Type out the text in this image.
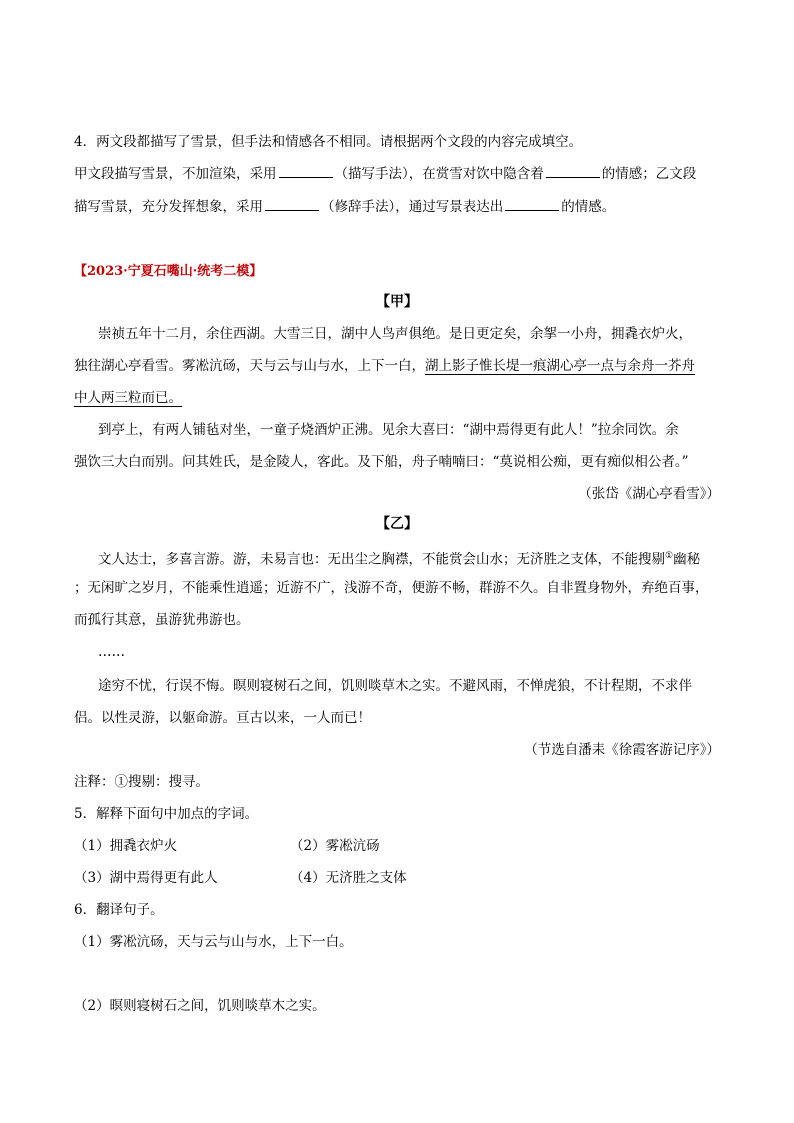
4．两文段都描写了雪景，但手法和情感各不相同。请根据两个文段的内容完成填空。
甲文段描写雪景，不加渲染，采用	（描写手法），在赏雪对饮中隐含着	的情感；乙文段
描写雪景，充分发挥想象，采用	（修辞手法），通过写景表达出	的情感。
【2023·宁夏石嘴山·统考二模】
【甲】
崇祯五年十二月，余住西湖。大雪三日，湖中人鸟声俱绝。是日更定矣，余挐一小舟，拥毳衣炉火，
独往湖心亭看雪。雾凇沆砀，天与云与山与水，上下一白，湖上影子惟长堤一痕湖心亭一点与余舟一芥舟
中人两三粒而已。
到亭上，有两人铺毡对坐，一童子烧酒炉正沸。见余大喜曰：“湖中焉得更有此人！”拉余同饮。余
强饮三大白而别。问其姓氏，是金陵人，客此。及下船，舟子喃喃曰：“莫说相公痴，更有痴似相公者。”
（张岱《湖心亭看雪》）
【乙】
文人达士，多喜言游。游，未易言也：无出尘之胸襟，不能赏会山水；无济胜之支体，不能搜剔①幽秘
；无闲旷之岁月，不能乘性逍遥；近游不广，浅游不奇，便游不畅，群游不久。自非置身物外，弃绝百事，
而孤行其意，虽游犹弗游也。
……
途穷不忧，行误不悔。暝则寝树石之间，饥则啖草木之实。不避风雨，不惮虎狼，不计程期，不求伴
侣。以性灵游，以躯命游。亘古以来，一人而已！
（节选自潘耒《徐霞客游记序》）
注释：①搜剔：搜寻。
5．解释下面句中加点的字词。
（1）拥毳衣炉火	（2）雾凇沆砀
（3）湖中焉得更有此人	（4）无济胜之支体
6．翻译句子。
（1）雾凇沆砀，天与云与山与水，上下一白。
（2）暝则寝树石之间，饥则啖草木之实。
